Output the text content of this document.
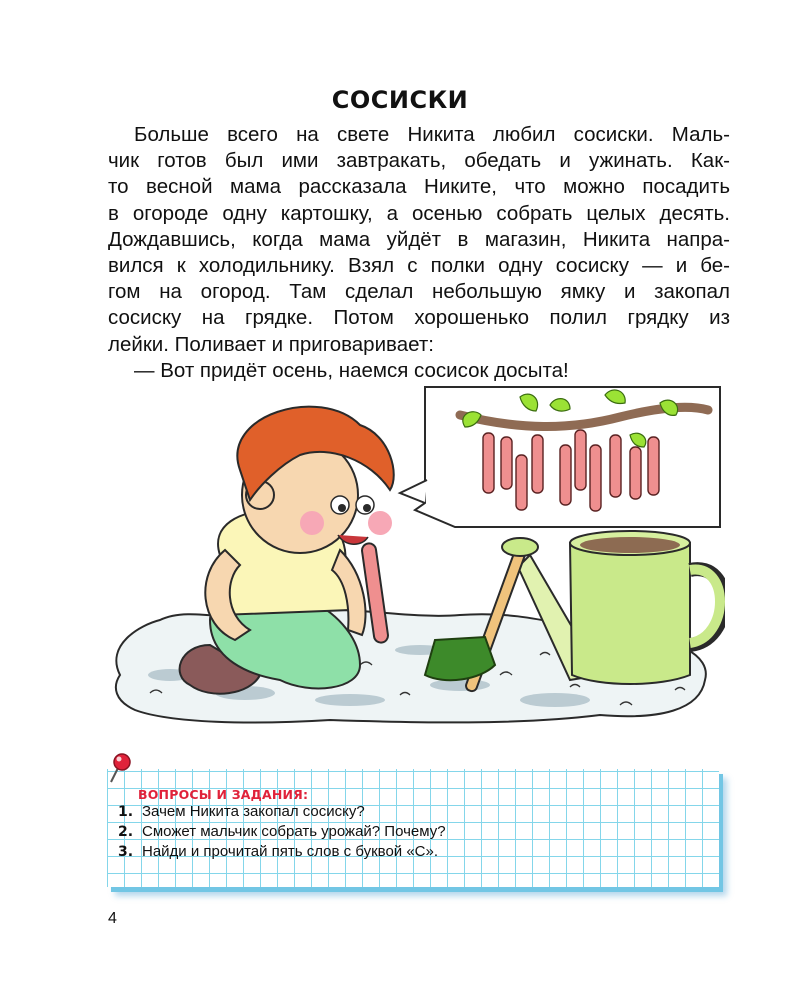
СОСИСКИ
Больше всего на свете Никита любил сосиски. Маль-
чик готов был ими завтракать, обедать и ужинать. Как-
то весной мама рассказала Никите, что можно посадить
в огороде одну картошку, а осенью собрать целых десять.
Дождавшись, когда мама уйдёт в магазин, Никита напра-
вился к холодильнику. Взял с полки одну сосиску — и бе-
гом на огород. Там сделал небольшую ямку и закопал
сосиску на грядке. Потом хорошенько полил грядку из
лейки. Поливает и приговаривает:
— Вот придёт осень, наемся сосисок досыта!
ВОПРОСЫ И ЗАДАНИЯ:
1. Зачем Никита закопал сосиску?
2. Сможет мальчик собрать урожай? Почему?
3. Найди и прочитай пять слов с буквой «С».
4
